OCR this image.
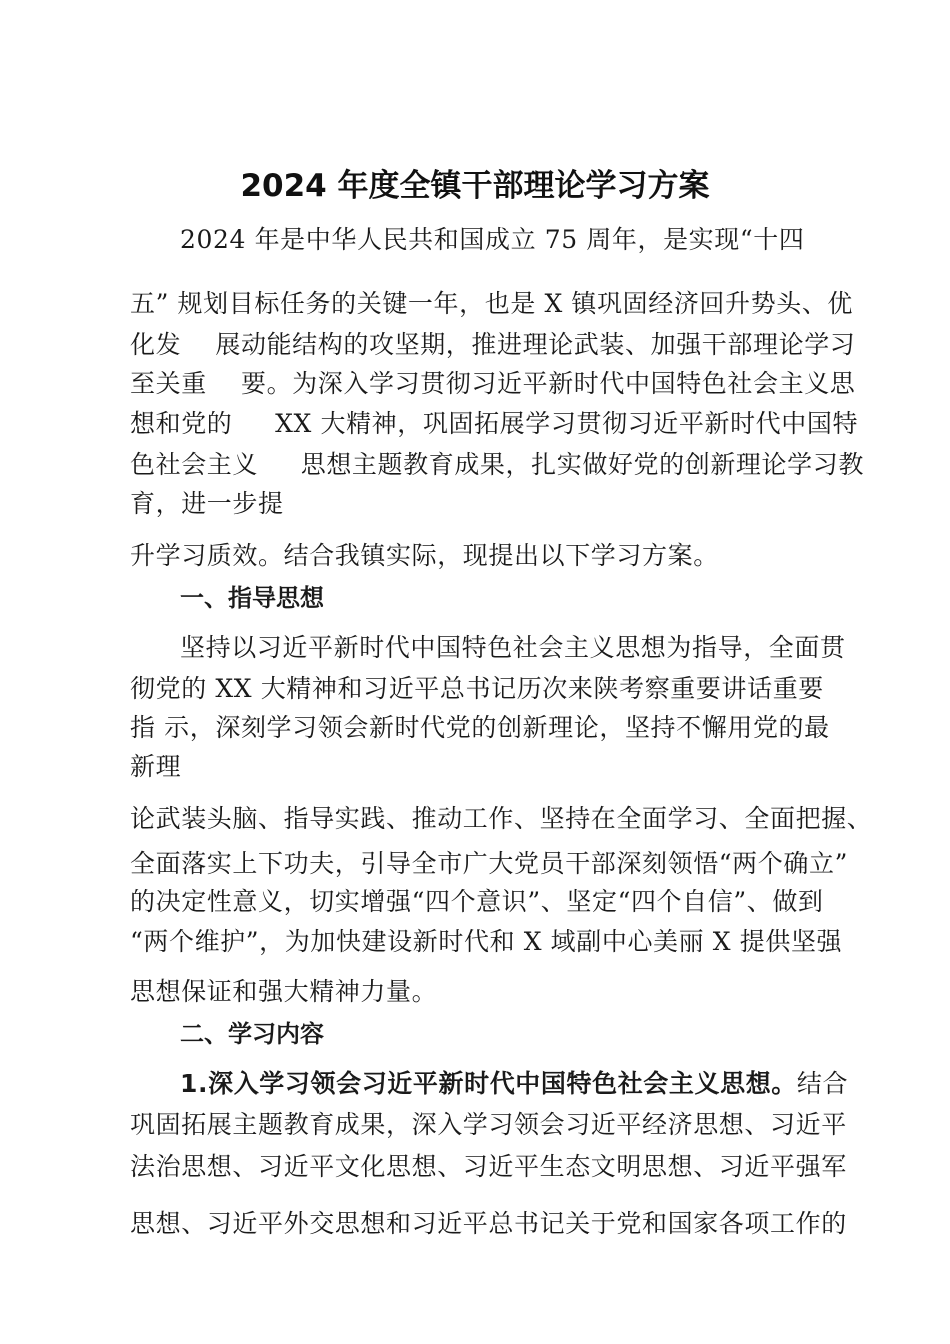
2024 年度全镇干部理论学习方案
2024 年是中华人民共和国成立 75 周年，是实现“十四
五” 规划目标任务的关键一年，也是 X 镇巩固经济回升势头、优
化发    展动能结构的攻坚期，推进理论武装、加强干部理论学习
至关重    要。为深入学习贯彻习近平新时代中国特色社会主义思
想和党的     XX 大精神，巩固拓展学习贯彻习近平新时代中国特
色社会主义     思想主题教育成果，扎实做好党的创新理论学习教
育，进一步提
升学习质效。结合我镇实际，现提出以下学习方案。
一、指导思想
坚持以习近平新时代中国特色社会主义思想为指导，全面贯
彻党的 XX 大精神和习近平总书记历次来陕考察重要讲话重要
指 示，深刻学习领会新时代党的创新理论，坚持不懈用党的最
新理
论武装头脑、指导实践、推动工作、坚持在全面学习、全面把握、
全面落实上下功夫，引导全市广大党员干部深刻领悟“两个确立”
的决定性意义，切实增强“四个意识”、坚定“四个自信”、做到
“两个维护”，为加快建设新时代和 X 域副中心美丽 X 提供坚强
思想保证和强大精神力量。
二、学习内容
1.深入学习领会习近平新时代中国特色社会主义思想。结合
巩固拓展主题教育成果，深入学习领会习近平经济思想、习近平
法治思想、习近平文化思想、习近平生态文明思想、习近平强军
思想、习近平外交思想和习近平总书记关于党和国家各项工作的
